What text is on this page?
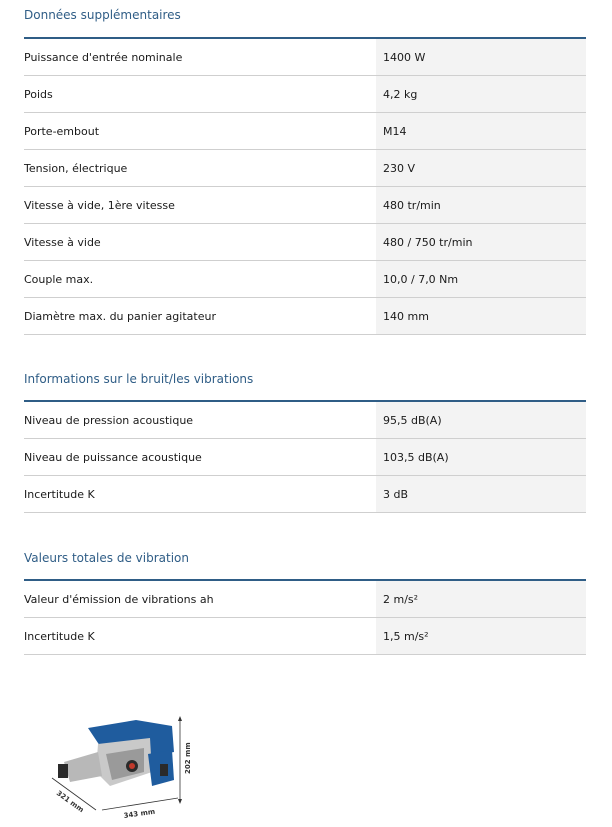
Données supplémentaires
Puissance d'entrée nominale	1400 W
Poids	4,2 kg
Porte-embout	M14
Tension, électrique	230 V
Vitesse à vide, 1ère vitesse	480 tr/min
Vitesse à vide	480 / 750 tr/min
Couple max.	10,0 / 7,0 Nm
Diamètre max. du panier agitateur	140 mm
Informations sur le bruit/les vibrations
Niveau de pression acoustique	95,5 dB(A)
Niveau de puissance acoustique	103,5 dB(A)
Incertitude K	3 dB
Valeurs totales de vibration
Valeur d'émission de vibrations ah	2 m/s²
Incertitude K	1,5 m/s²
202 mm
321 mm	343 mm
